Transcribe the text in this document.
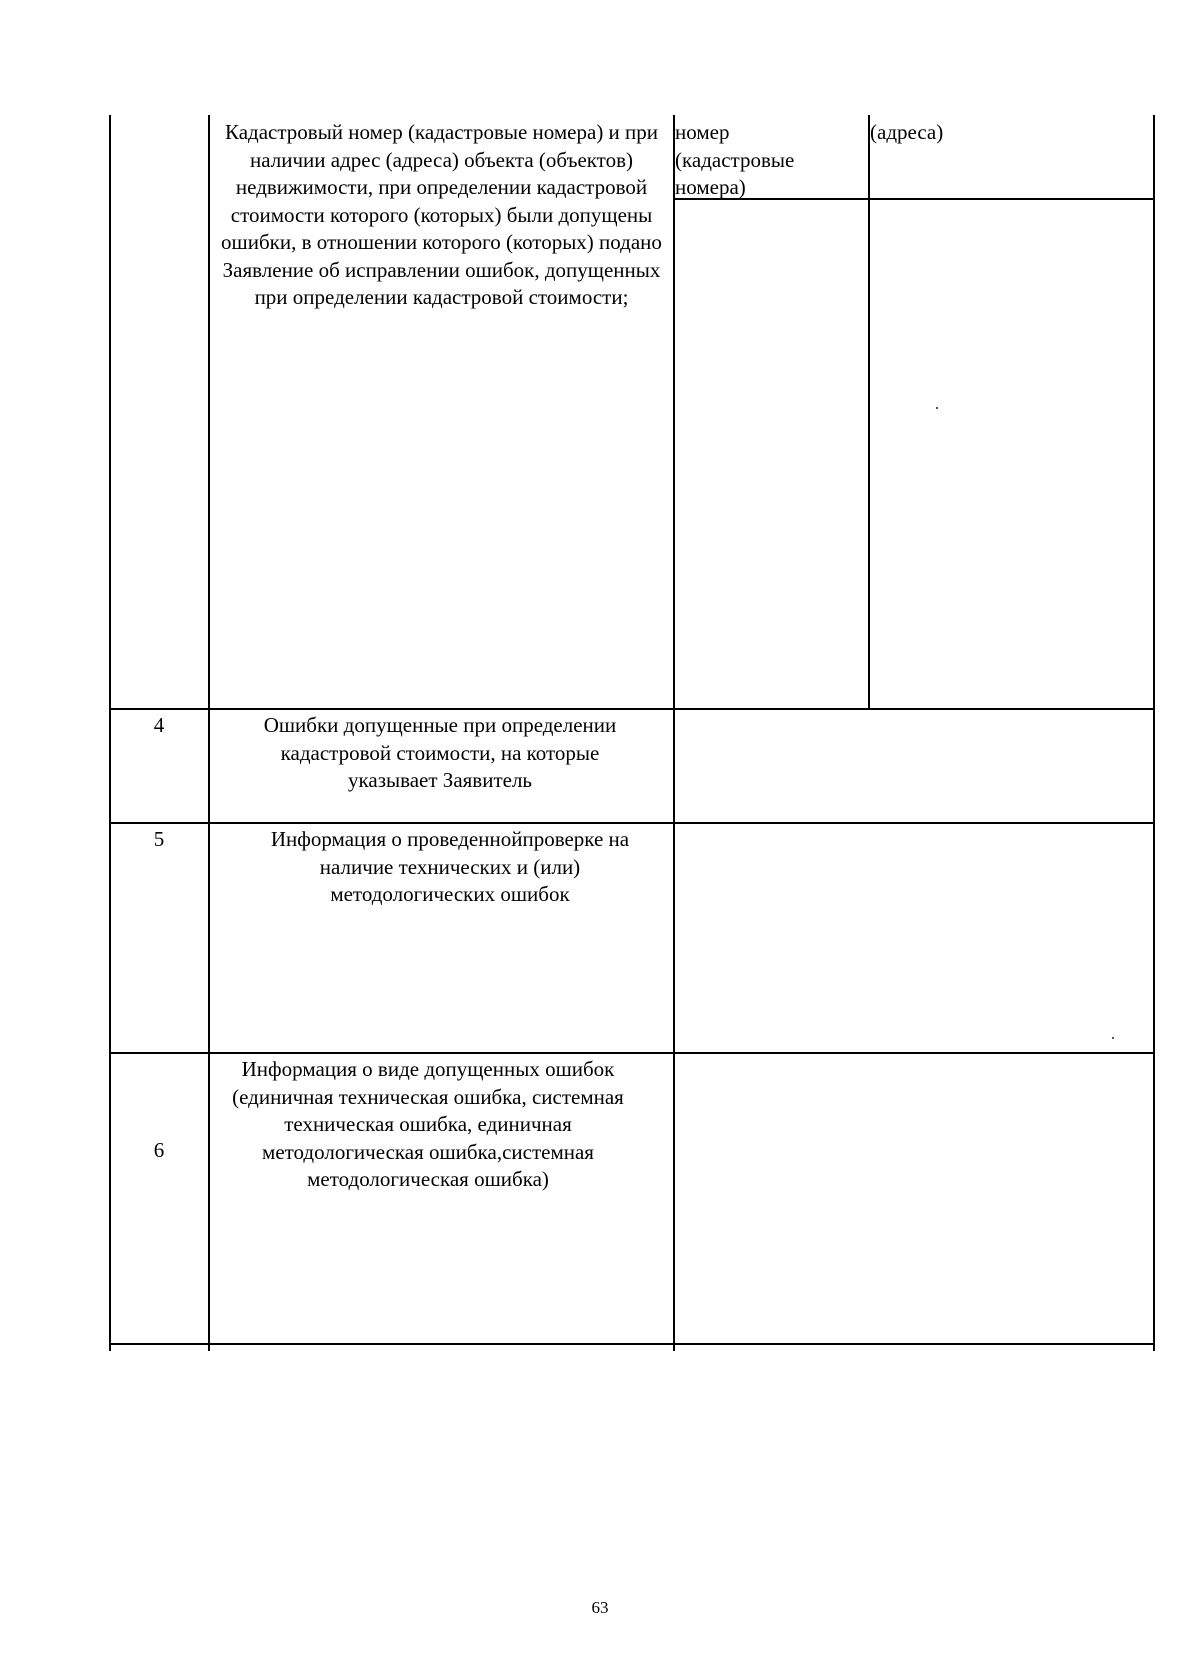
Кадастровый номер (кадастровые номера) и при наличии адрес (адреса) объекта (объектов) недвижимости, при определении кадастровой стоимости которого (которых) были допущены ошибки, в отношении которого (которых) подано Заявление об исправлении ошибок, допущенных при определении кадастровой стоимости;
номер (кадастровые номера)
(адреса)
4	Ошибки допущенные при определении кадастровой стоимости, на которые указывает Заявитель
5	Информация о проведеннойпроверке на наличие технических и (или) методологических ошибок
Информация о виде допущенных ошибок (единичная техническая ошибка, системная техническая ошибка, единичная методологическая ошибка,системная методологическая ошибка)
6
63
